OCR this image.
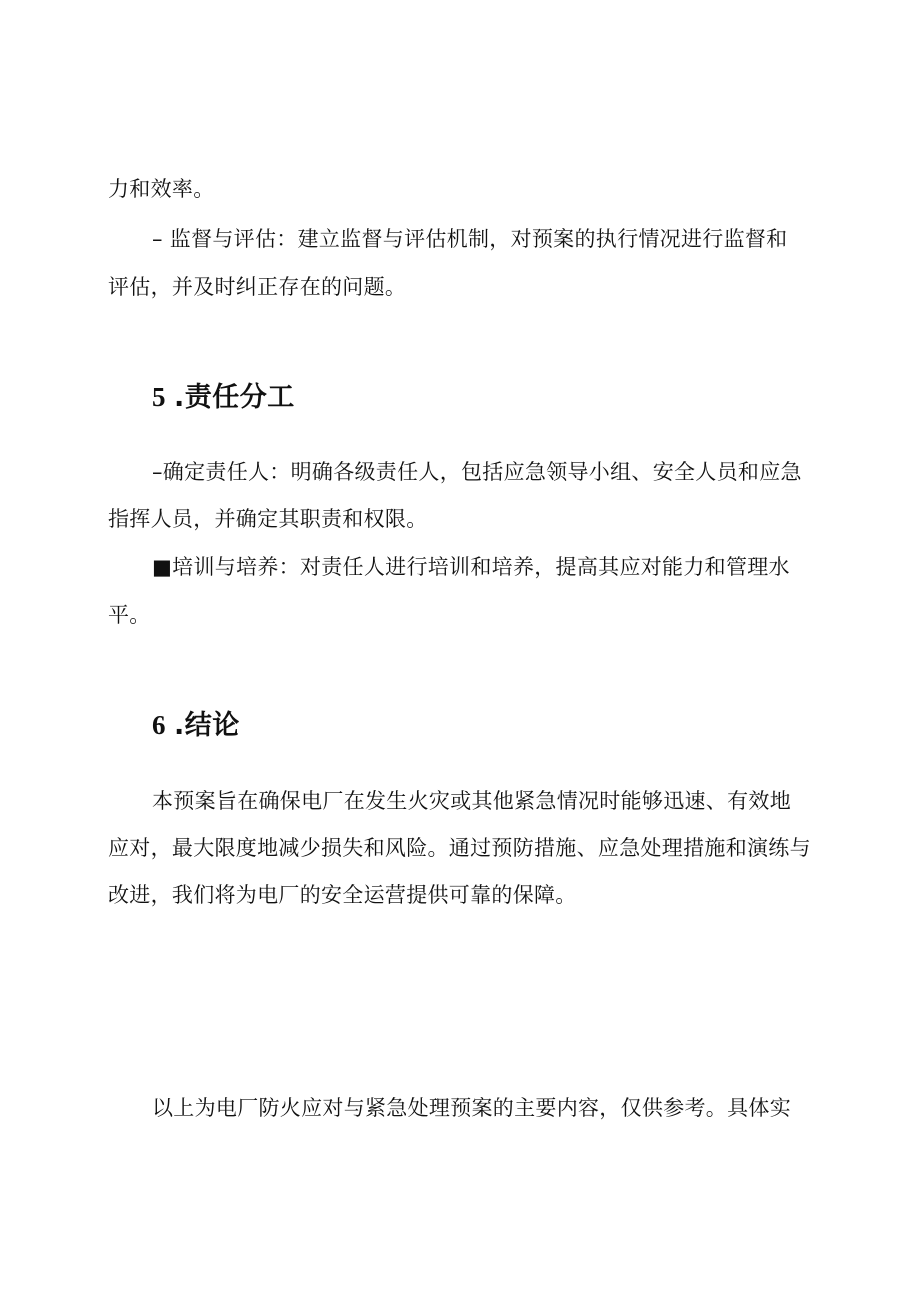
力和效率。
– 监督与评估：建立监督与评估机制，对预案的执行情况进行监督和
评估，并及时纠正存在的问题。
5 .责任分工
–确定责任人：明确各级责任人，包括应急领导小组、安全人员和应急
指挥人员，并确定其职责和权限。
■培训与培养：对责任人进行培训和培养，提高其应对能力和管理水
平。
6 .结论
本预案旨在确保电厂在发生火灾或其他紧急情况时能够迅速、有效地
应对，最大限度地减少损失和风险。通过预防措施、应急处理措施和演练与
改进，我们将为电厂的安全运营提供可靠的保障。
以上为电厂防火应对与紧急处理预案的主要内容，仅供参考。具体实
